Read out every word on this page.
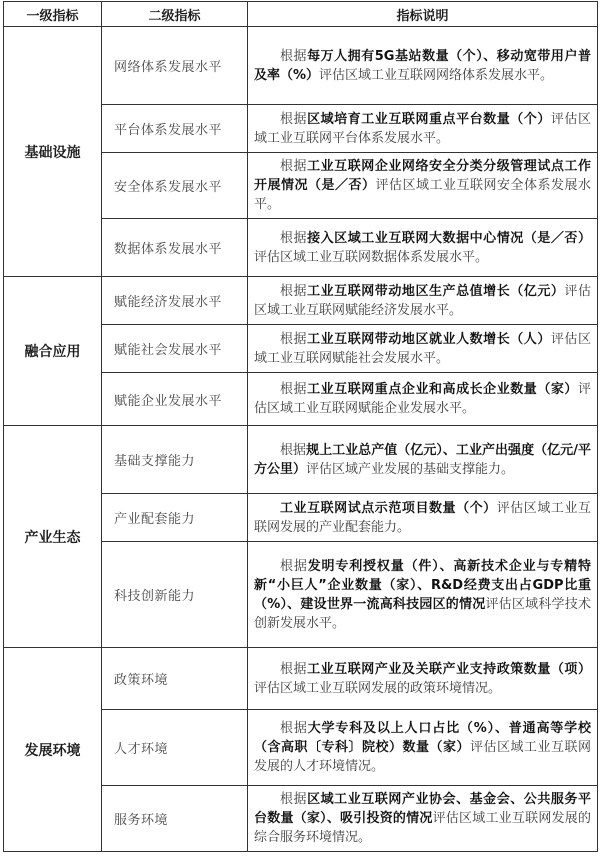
一级指标	二级指标	指标说明
基础设施	网络体系发展水平	根据每万人拥有5G基站数量（个）、移动宽带用户普及率（%）评估区域工业互联网网络体系发展水平。
	平台体系发展水平	根据区域培育工业互联网重点平台数量（个）评估区域工业互联网平台体系发展水平。
	安全体系发展水平	根据工业互联网企业网络安全分类分级管理试点工作开展情况（是／否）评估区域工业互联网安全体系发展水平。
	数据体系发展水平	根据接入区域工业互联网大数据中心情况（是／否）评估区域工业互联网数据体系发展水平。
融合应用	赋能经济发展水平	根据工业互联网带动地区生产总值增长（亿元）评估区域工业互联网赋能经济发展水平。
	赋能社会发展水平	根据工业互联网带动地区就业人数增长（人）评估区域工业互联网赋能社会发展水平。
	赋能企业发展水平	根据工业互联网重点企业和高成长企业数量（家）评估区域工业互联网赋能企业发展水平。
产业生态	基础支撑能力	根据规上工业总产值（亿元）、工业产出强度（亿元/平方公里）评估区域产业发展的基础支撑能力。
	产业配套能力	工业互联网试点示范项目数量（个）评估区域工业互联网发展的产业配套能力。
	科技创新能力	根据发明专利授权量（件）、高新技术企业与专精特新“小巨人”企业数量（家）、R&D经费支出占GDP比重（%）、建设世界一流高科技园区的情况评估区域科学技术创新发展水平。
发展环境	政策环境	根据工业互联网产业及关联产业支持政策数量（项）评估区域工业互联网发展的政策环境情况。
	人才环境	根据大学专科及以上人口占比（%）、普通高等学校（含高职〔专科〕院校）数量（家）评估区域工业互联网发展的人才环境情况。
	服务环境	根据区域工业互联网产业协会、基金会、公共服务平台数量（家）、吸引投资的情况评估区域工业互联网发展的综合服务环境情况。
